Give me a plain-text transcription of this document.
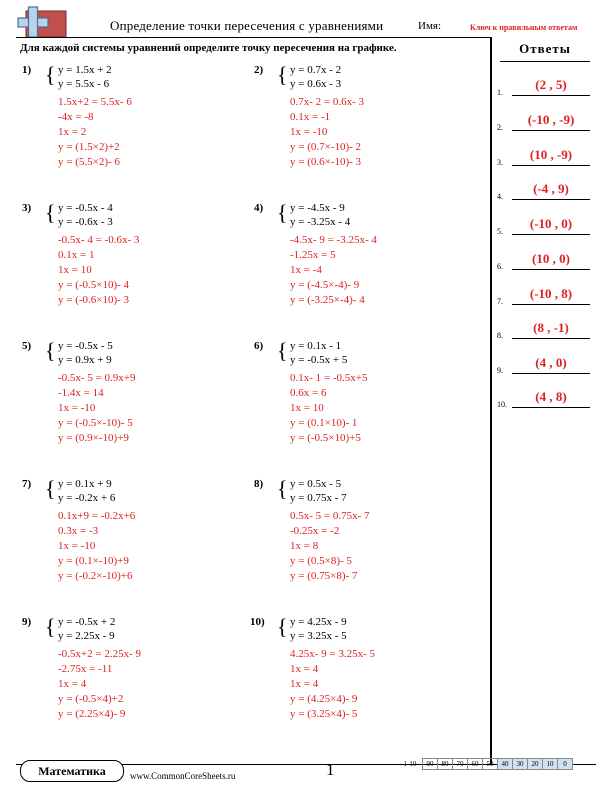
Определение точки пересечения с уравнениями	Имя:	Ключ к правильным ответам
Для каждой системы уравнений определите точку пересечения на графике.	Ответы
1.
(2 , 5)
2.
(-10 , -9)
3.
(10 , -9)
4.
(-4 , 9)
5.
(-10 , 0)
6.
(10 , 0)
7.
(-10 , 8)
8.
(8 , -1)
9.
(4 , 0)
10.
(4 , 8)
1) { y = 1.5x + 2
y = 5.5x - 6
1.5x+2 = 5.5x- 6
-4x = -8
1x = 2
y = (1.5×2)+2
y = (5.5×2)- 6
2) { y = 0.7x - 2
y = 0.6x - 3
0.7x- 2 = 0.6x- 3
0.1x = -1
1x = -10
y = (0.7×-10)- 2
y = (0.6×-10)- 3
3) { y = -0.5x - 4
y = -0.6x - 3
-0.5x- 4 = -0.6x- 3
0.1x = 1
1x = 10
y = (-0.5×10)- 4
y = (-0.6×10)- 3
4) { y = -4.5x - 9
y = -3.25x - 4
-4.5x- 9 = -3.25x- 4
-1.25x = 5
1x = -4
y = (-4.5×-4)- 9
y = (-3.25×-4)- 4
5) { y = -0.5x - 5
y = 0.9x + 9
-0.5x- 5 = 0.9x+9
-1.4x = 14
1x = -10
y = (-0.5×-10)- 5
y = (0.9×-10)+9
6) { y = 0.1x - 1
y = -0.5x + 5
0.1x- 1 = -0.5x+5
0.6x = 6
1x = 10
y = (0.1×10)- 1
y = (-0.5×10)+5
7) { y = 0.1x + 9
y = -0.2x + 6
0.1x+9 = -0.2x+6
0.3x = -3
1x = -10
y = (0.1×-10)+9
y = (-0.2×-10)+6
8) { y = 0.5x - 5
y = 0.75x - 7
0.5x- 5 = 0.75x- 7
-0.25x = -2
1x = 8
y = (0.5×8)- 5
y = (0.75×8)- 7
9) { y = -0.5x + 2
y = 2.25x - 9
-0.5x+2 = 2.25x- 9
-2.75x = -11
1x = 4
y = (-0.5×4)+2
y = (2.25×4)- 9
10) { y = 4.25x - 9
y = 3.25x - 5
4.25x- 9 = 3.25x- 5
1x = 4
1x = 4
y = (4.25×4)- 9
y = (3.25×4)- 5
Математика	www.CommonCoreSheets.ru	1	1-10	90	80	70	60	50	40	30	20	10	0
